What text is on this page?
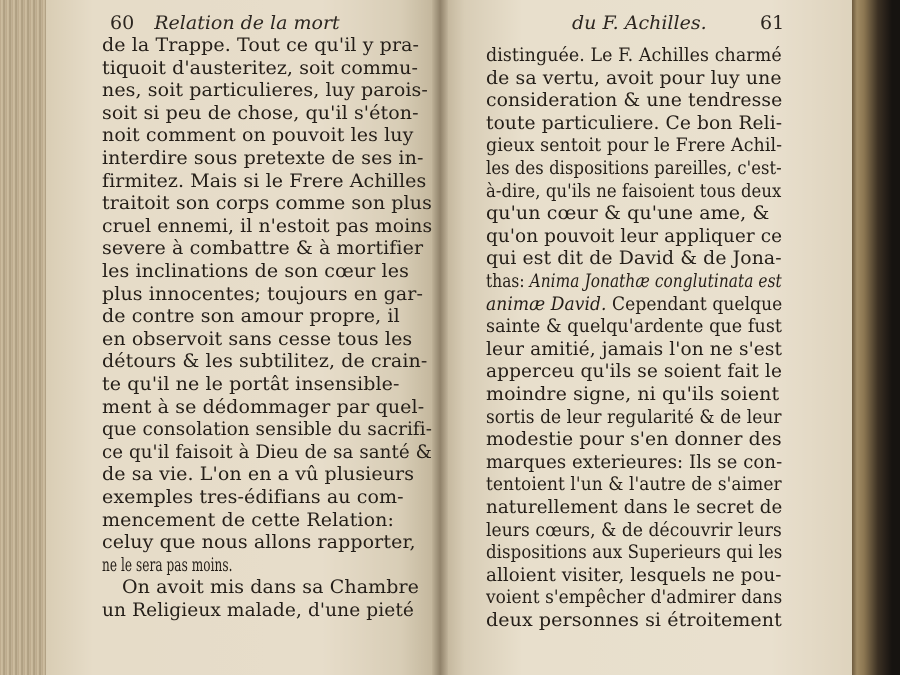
60 Relation de la mort
de la Trappe. Tout ce qu'il y pra-
tiquoit d'austeritez, soit commu-
nes, soit particulieres, luy parois-
soit si peu de chose, qu'il s'éton-
noit comment on pouvoit les luy
interdire sous pretexte de ses in-
firmitez. Mais si le Frere Achilles
traitoit son corps comme son plus
cruel ennemi, il n'estoit pas moins
severe à combattre & à mortifier
les inclinations de son cœur les
plus innocentes; toujours en gar-
de contre son amour propre, il
en observoit sans cesse tous les
détours & les subtilitez, de crain-
te qu'il ne le portât insensible-
ment à se dédommager par quel-
que consolation sensible du sacrifi-
ce qu'il faisoit à Dieu de sa santé &
de sa vie. L'on en a vû plusieurs
exemples tres-édifians au com-
mencement de cette Relation:
celuy que nous allons rapporter,
ne le sera pas moins.
On avoit mis dans sa Chambre
un Religieux malade, d'une pieté
du F. Achilles.	61
distinguée. Le F. Achilles charmé
de sa vertu, avoit pour luy une
consideration & une tendresse
toute particuliere. Ce bon Reli-
gieux sentoit pour le Frere Achil-
les des dispositions pareilles, c'est-
à-dire, qu'ils ne faisoient tous deux
qu'un cœur & qu'une ame, &
qu'on pouvoit leur appliquer ce
qui est dit de David & de Jona-
thas: Anima Jonathæ conglutinata est
animæ David. Cependant quelque
sainte & quelqu'ardente que fust
leur amitié, jamais l'on ne s'est
apperceu qu'ils se soient fait le
moindre signe, ni qu'ils soient
sortis de leur regularité & de leur
modestie pour s'en donner des
marques exterieures: Ils se con-
tentoient l'un & l'autre de s'aimer
naturellement dans le secret de
leurs cœurs, & de découvrir leurs
dispositions aux Superieurs qui les
alloient visiter, lesquels ne pou-
voient s'empêcher d'admirer dans
deux personnes si étroitement
